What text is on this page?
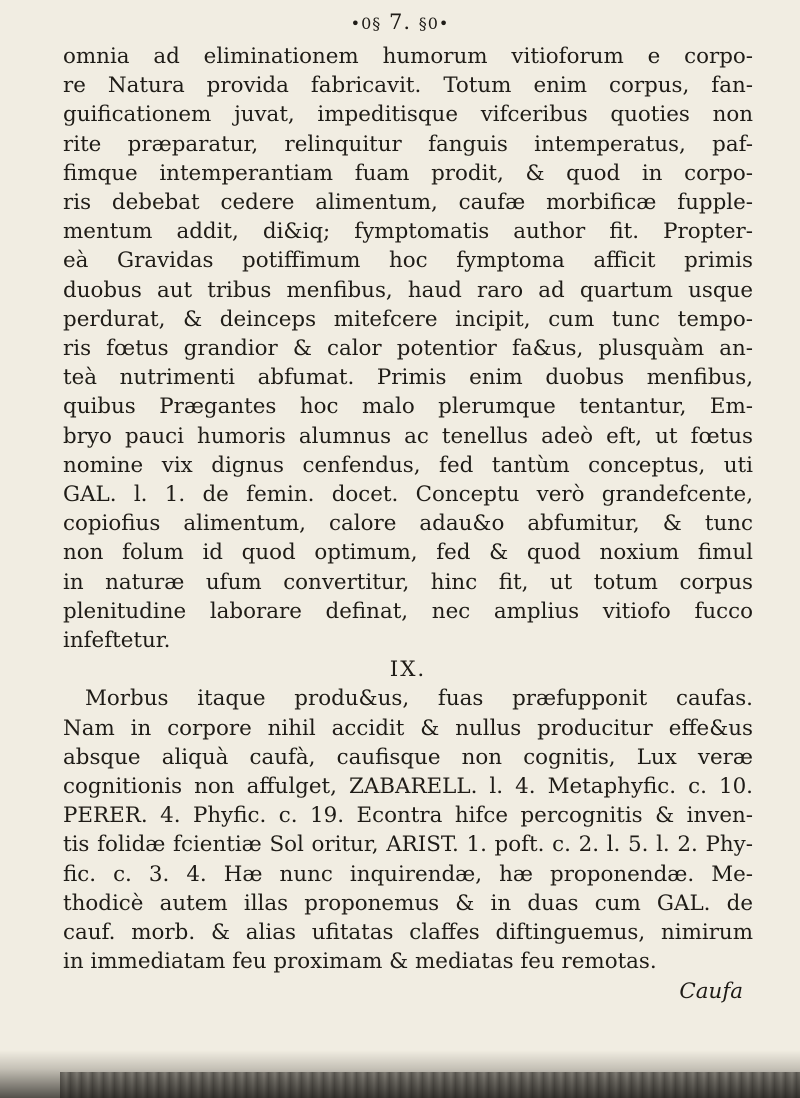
•0§ 7. §0•

omnia ad eliminationem humorum vitioforum e corpo-
re Natura provida fabricavit. Totum enim corpus, fan-
guificationem juvat, impeditisque vifceribus quoties non
rite præparatur, relinquitur fanguis intemperatus, paf-
fimque intemperantiam fuam prodit, & quod in corpo-
ris debebat cedere alimentum, caufæ morbificæ fupple-
mentum addit, di&iq; fymptomatis author fit. Propter-
eà Gravidas potiffimum hoc fymptoma afficit primis
duobus aut tribus menfibus, haud raro ad quartum usque
perdurat, & deinceps mitefcere incipit, cum tunc tempo-
ris fœtus grandior & calor potentior fa&us, plusquàm an-
teà nutrimenti abfumat. Primis enim duobus menfibus,
quibus Prægantes hoc malo plerumque tentantur, Em-
bryo pauci humoris alumnus ac tenellus adeò eft, ut fœtus
nomine vix dignus cenfendus, fed tantùm conceptus, uti
GAL. l. 1. de femin. docet. Conceptu verò grandefcente,
copiofius alimentum, calore adau&o abfumitur, & tunc
non folum id quod optimum, fed & quod noxium fimul
in naturæ ufum convertitur, hinc fit, ut totum corpus
plenitudine laborare definat, nec amplius vitiofo fucco
infeftetur.

IX.

Morbus itaque produ&us, fuas præfupponit caufas.
Nam in corpore nihil accidit & nullus producitur effe&us
absque aliquà caufà, caufisque non cognitis, Lux veræ
cognitionis non affulget, ZABARELL. l. 4. Metaphyfic. c. 10.
PERER. 4. Phyfic. c. 19. Econtra hifce percognitis & inven-
tis folidæ fcientiæ Sol oritur, ARIST. 1. poft. c. 2. l. 5. l. 2. Phy-
fic. c. 3. 4. Hæ nunc inquirendæ, hæ proponendæ. Me-
thodicè autem illas proponemus & in duas cum GAL. de
cauf. morb. & alias ufitatas claffes diftinguemus, nimirum
in immediatam feu proximam & mediatas feu remotas.

Caufa
